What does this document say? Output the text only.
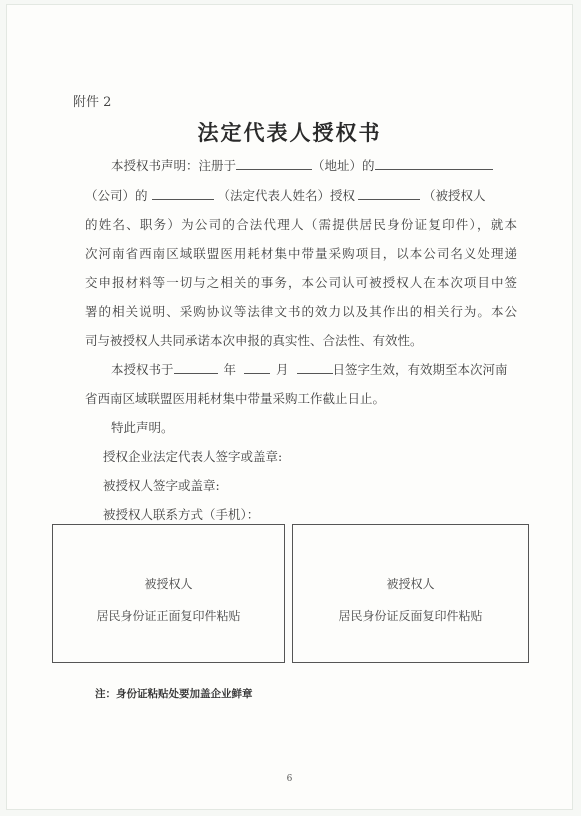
附件 2
法定代表人授权书
本授权书声明：注册于	（地址）的
（公司）的	（法定代表人姓名）授权	（被授权人
的姓名、职务）为公司的合法代理人（需提供居民身份证复印件），就本
次河南省西南区域联盟医用耗材集中带量采购项目，以本公司名义处理递
交申报材料等一切与之相关的事务，本公司认可被授权人在本次项目中签
署的相关说明、采购协议等法律文书的效力以及其作出的相关行为。本公
司与被授权人共同承诺本次申报的真实性、合法性、有效性。
本授权书于	年	月	日签字生效，有效期至本次河南
省西南区域联盟医用耗材集中带量采购工作截止日止。
特此声明。
授权企业法定代表人签字或盖章:
被授权人签字或盖章:
被授权人联系方式（手机）：
被授权人
居民身份证正面复印件粘贴
被授权人
居民身份证反面复印件粘贴
注：身份证粘贴处要加盖企业鲜章
6
